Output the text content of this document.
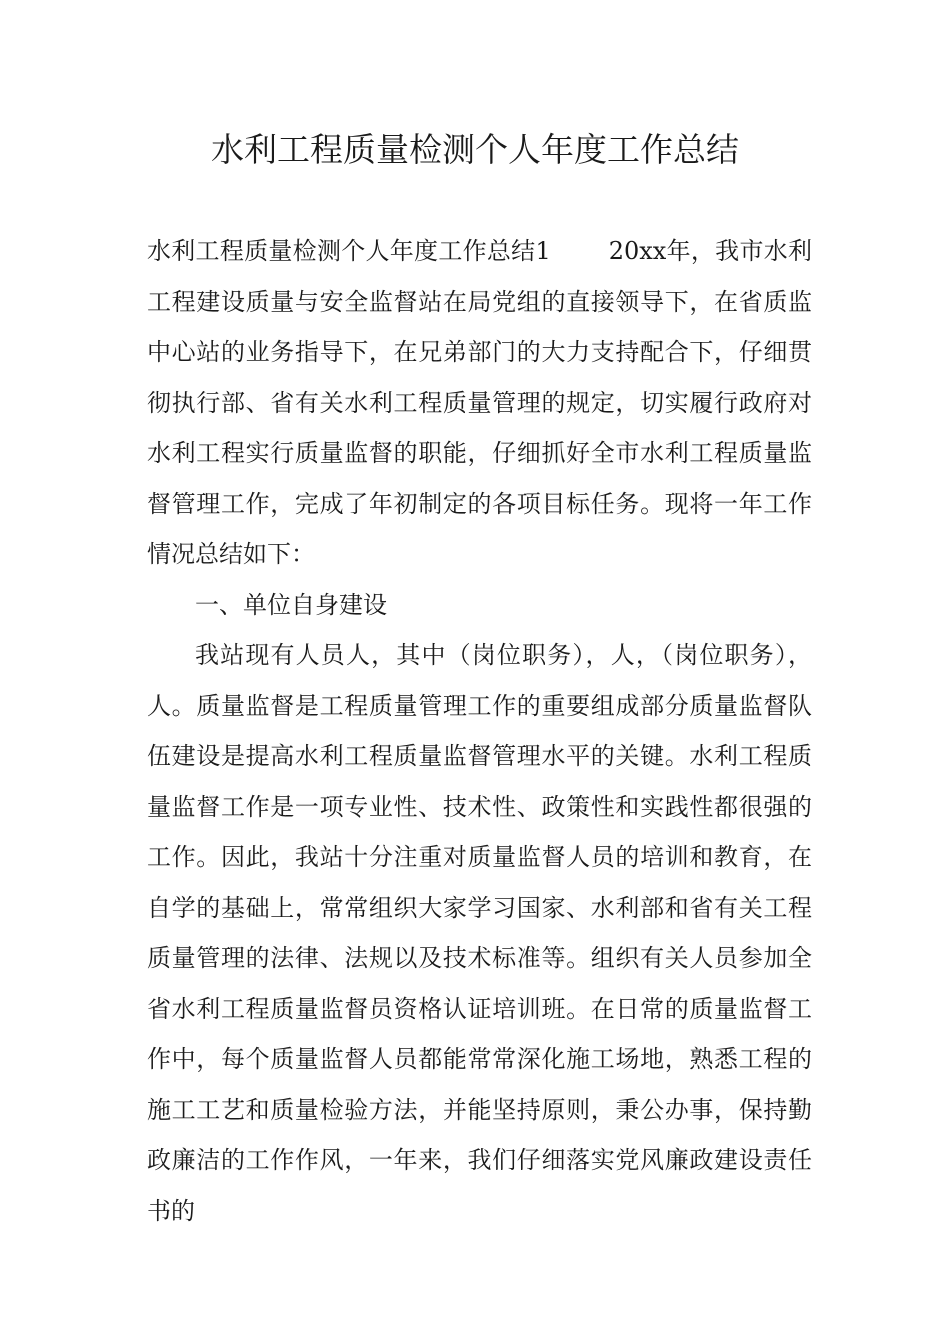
水利工程质量检测个人年度工作总结

水利工程质量检测个人年度工作总结1 20xx年，我市水利工程建设质量与安全监督站在局党组的直接领导下，在省质监中心站的业务指导下，在兄弟部门的大力支持配合下，仔细贯彻执行部、省有关水利工程质量管理的规定，切实履行政府对水利工程实行质量监督的职能，仔细抓好全市水利工程质量监督管理工作，完成了年初制定的各项目标任务。现将一年工作情况总结如下：

一、单位自身建设

我站现有人员人，其中（岗位职务），人，（岗位职务），人。质量监督是工程质量管理工作的重要组成部分质量监督队伍建设是提高水利工程质量监督管理水平的关键。水利工程质量监督工作是一项专业性、技术性、政策性和实践性都很强的工作。因此，我站十分注重对质量监督人员的培训和教育，在自学的基础上，常常组织大家学习国家、水利部和省有关工程质量管理的法律、法规以及技术标准等。组织有关人员参加全省水利工程质量监督员资格认证培训班。在日常的质量监督工作中，每个质量监督人员都能常常深化施工场地，熟悉工程的施工工艺和质量检验方法，并能坚持原则，秉公办事，保持勤政廉洁的工作作风，一年来，我们仔细落实党风廉政建设责任书的
